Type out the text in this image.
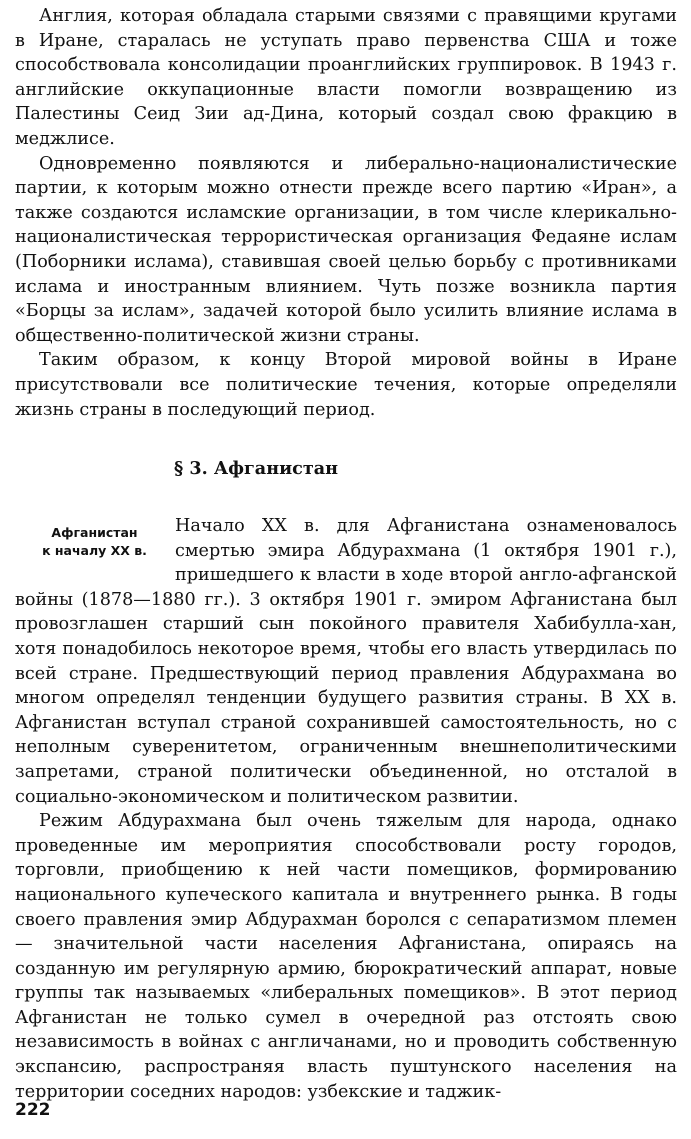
Англия, которая обладала старыми связями с правящими кругами в Иране, старалась не уступать право первенства США и тоже способствовала консолидации проанглийских группировок. В 1943 г. английские оккупационные власти помогли возвращению из Палестины Сеид Зии ад-Дина, который создал свою фракцию в меджлисе.

Одновременно появляются и либерально-националистические партии, к которым можно отнести прежде всего партию «Иран», а также создаются исламские организации, в том числе клерикально-националистическая террористическая организация Федаяне ислам (Поборники ислама), ставившая своей целью борьбу с противниками ислама и иностранным влиянием. Чуть позже возникла партия «Борцы за ислам», задачей которой было усилить влияние ислама в общественно-политической жизни страны.

Таким образом, к концу Второй мировой войны в Иране присутствовали все политические течения, которые определяли жизнь страны в последующий период.

§ 3. Афганистан
Афганистан
к началу XX в.

Начало XX в. для Афганистана ознаменовалось смертью эмира Абдурахмана (1 октября 1901 г.), пришедшего к власти в ходе второй англо-афганской войны (1878—1880 гг.). 3 октября 1901 г. эмиром Афганистана был провозглашен старший сын покойного правителя Хабибулла-хан, хотя понадобилось некоторое время, чтобы его власть утвердилась по всей стране. Предшествующий период правления Абдурахмана во многом определял тенденции будущего развития страны. В XX в. Афганистан вступал страной сохранившей самостоятельность, но с неполным суверенитетом, ограниченным внешнеполитическими запретами, страной политически объединенной, но отсталой в социально-экономическом и политическом развитии.

Режим Абдурахмана был очень тяжелым для народа, однако проведенные им мероприятия способствовали росту городов, торговли, приобщению к ней части помещиков, формированию национального купеческого капитала и внутреннего рынка. В годы своего правления эмир Абдурахман боролся с сепаратизмом племен — значительной части населения Афганистана, опираясь на созданную им регулярную армию, бюрократический аппарат, новые группы так называемых «либеральных помещиков». В этот период Афганистан не только сумел в очередной раз отстоять свою независимость в войнах с англичанами, но и проводить собственную экспансию, распространяя власть пуштунского населения на территории соседних народов: узбекские и таджик-

222
